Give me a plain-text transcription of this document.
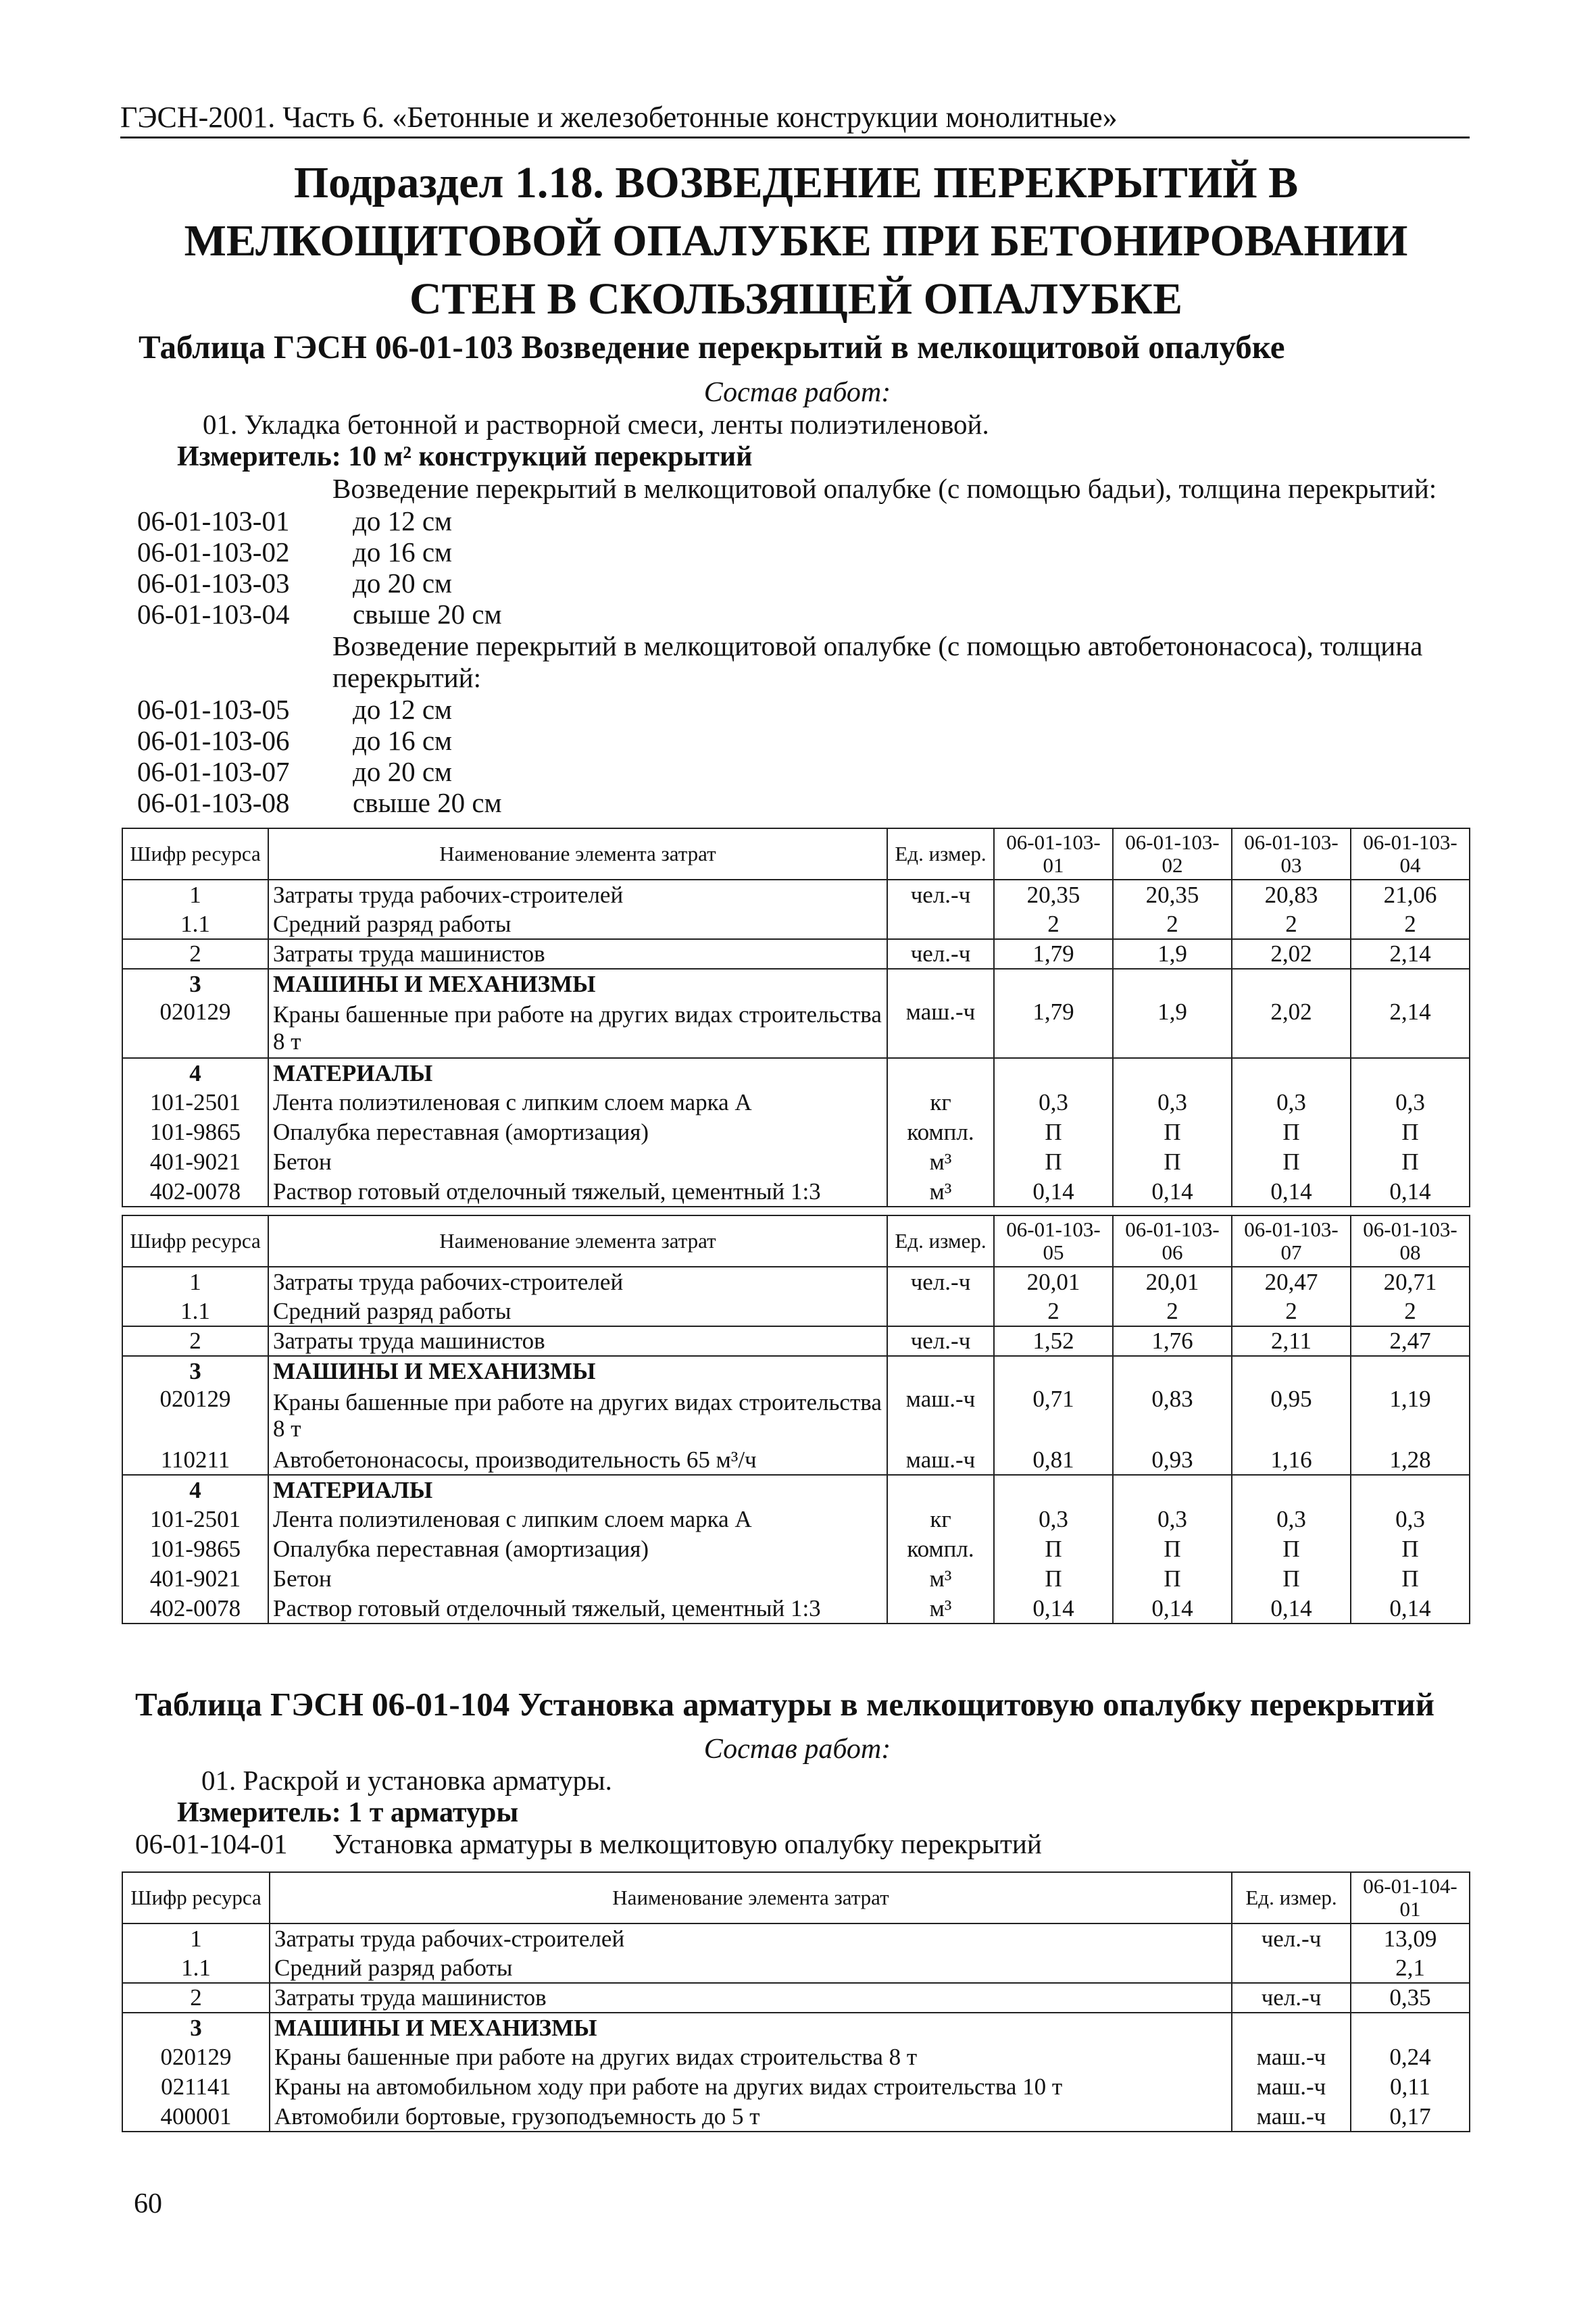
ГЭСН-2001. Часть 6. «Бетонные и железобетонные конструкции монолитные»
Подраздел 1.18. ВОЗВЕДЕНИЕ ПЕРЕКРЫТИЙ В МЕЛКОЩИТОВОЙ ОПАЛУБКЕ ПРИ БЕТОНИРОВАНИИ СТЕН В СКОЛЬЗЯЩЕЙ ОПАЛУБКЕ
Таблица ГЭСН 06-01-103 Возведение перекрытий в мелкощитовой опалубке
Состав работ:
01. Укладка бетонной и растворной смеси, ленты полиэтиленовой.
Измеритель: 10 м² конструкций перекрытий
Возведение перекрытий в мелкощитовой опалубке (с помощью бадьи), толщина перекрытий:
06-01-103-01 до 12 см
06-01-103-02 до 16 см
06-01-103-03 до 20 см
06-01-103-04 свыше 20 см
Возведение перекрытий в мелкощитовой опалубке (с помощью автобетононасоса), толщина перекрытий:
06-01-103-05 до 12 см
06-01-103-06 до 16 см
06-01-103-07 до 20 см
06-01-103-08 свыше 20 см
Шифр ресурса	Наименование элемента затрат	Ед. измер.	06-01-103-01	06-01-103-02	06-01-103-03	06-01-103-04
1	Затраты труда рабочих-строителей	чел.-ч	20,35	20,35	20,83	21,06
1.1	Средний разряд работы		2	2	2	2
2	Затраты труда машинистов	чел.-ч	1,79	1,9	2,02	2,14
3	МАШИНЫ И МЕХАНИЗМЫ					
020129	Краны башенные при работе на других видах строительства 8 т	маш.-ч	1,79	1,9	2,02	2,14
4	МАТЕРИАЛЫ					
101-2501	Лента полиэтиленовая с липким слоем марка А	кг	0,3	0,3	0,3	0,3
101-9865	Опалубка переставная (амортизация)	компл.	П	П	П	П
401-9021	Бетон	м³	П	П	П	П
402-0078	Раствор готовый отделочный тяжелый, цементный 1:3	м³	0,14	0,14	0,14	0,14
Шифр ресурса	Наименование элемента затрат	Ед. измер.	06-01-103-05	06-01-103-06	06-01-103-07	06-01-103-08
1	Затраты труда рабочих-строителей	чел.-ч	20,01	20,01	20,47	20,71
1.1	Средний разряд работы		2	2	2	2
2	Затраты труда машинистов	чел.-ч	1,52	1,76	2,11	2,47
3	МАШИНЫ И МЕХАНИЗМЫ					
020129	Краны башенные при работе на других видах строительства 8 т	маш.-ч	0,71	0,83	0,95	1,19
110211	Автобетононасосы, производительность 65 м³/ч	маш.-ч	0,81	0,93	1,16	1,28
4	МАТЕРИАЛЫ					
101-2501	Лента полиэтиленовая с липким слоем марка А	кг	0,3	0,3	0,3	0,3
101-9865	Опалубка переставная (амортизация)	компл.	П	П	П	П
401-9021	Бетон	м³	П	П	П	П
402-0078	Раствор готовый отделочный тяжелый, цементный 1:3	м³	0,14	0,14	0,14	0,14
Таблица ГЭСН 06-01-104 Установка арматуры в мелкощитовую опалубку перекрытий
Состав работ:
01. Раскрой и установка арматуры.
Измеритель: 1 т арматуры
06-01-104-01 Установка арматуры в мелкощитовую опалубку перекрытий
Шифр ресурса	Наименование элемента затрат	Ед. измер.	06-01-104-01
1	Затраты труда рабочих-строителей	чел.-ч	13,09
1.1	Средний разряд работы		2,1
2	Затраты труда машинистов	чел.-ч	0,35
3	МАШИНЫ И МЕХАНИЗМЫ		
020129	Краны башенные при работе на других видах строительства 8 т	маш.-ч	0,24
021141	Краны на автомобильном ходу при работе на других видах строительства 10 т	маш.-ч	0,11
400001	Автомобили бортовые, грузоподъемность до 5 т	маш.-ч	0,17
60
